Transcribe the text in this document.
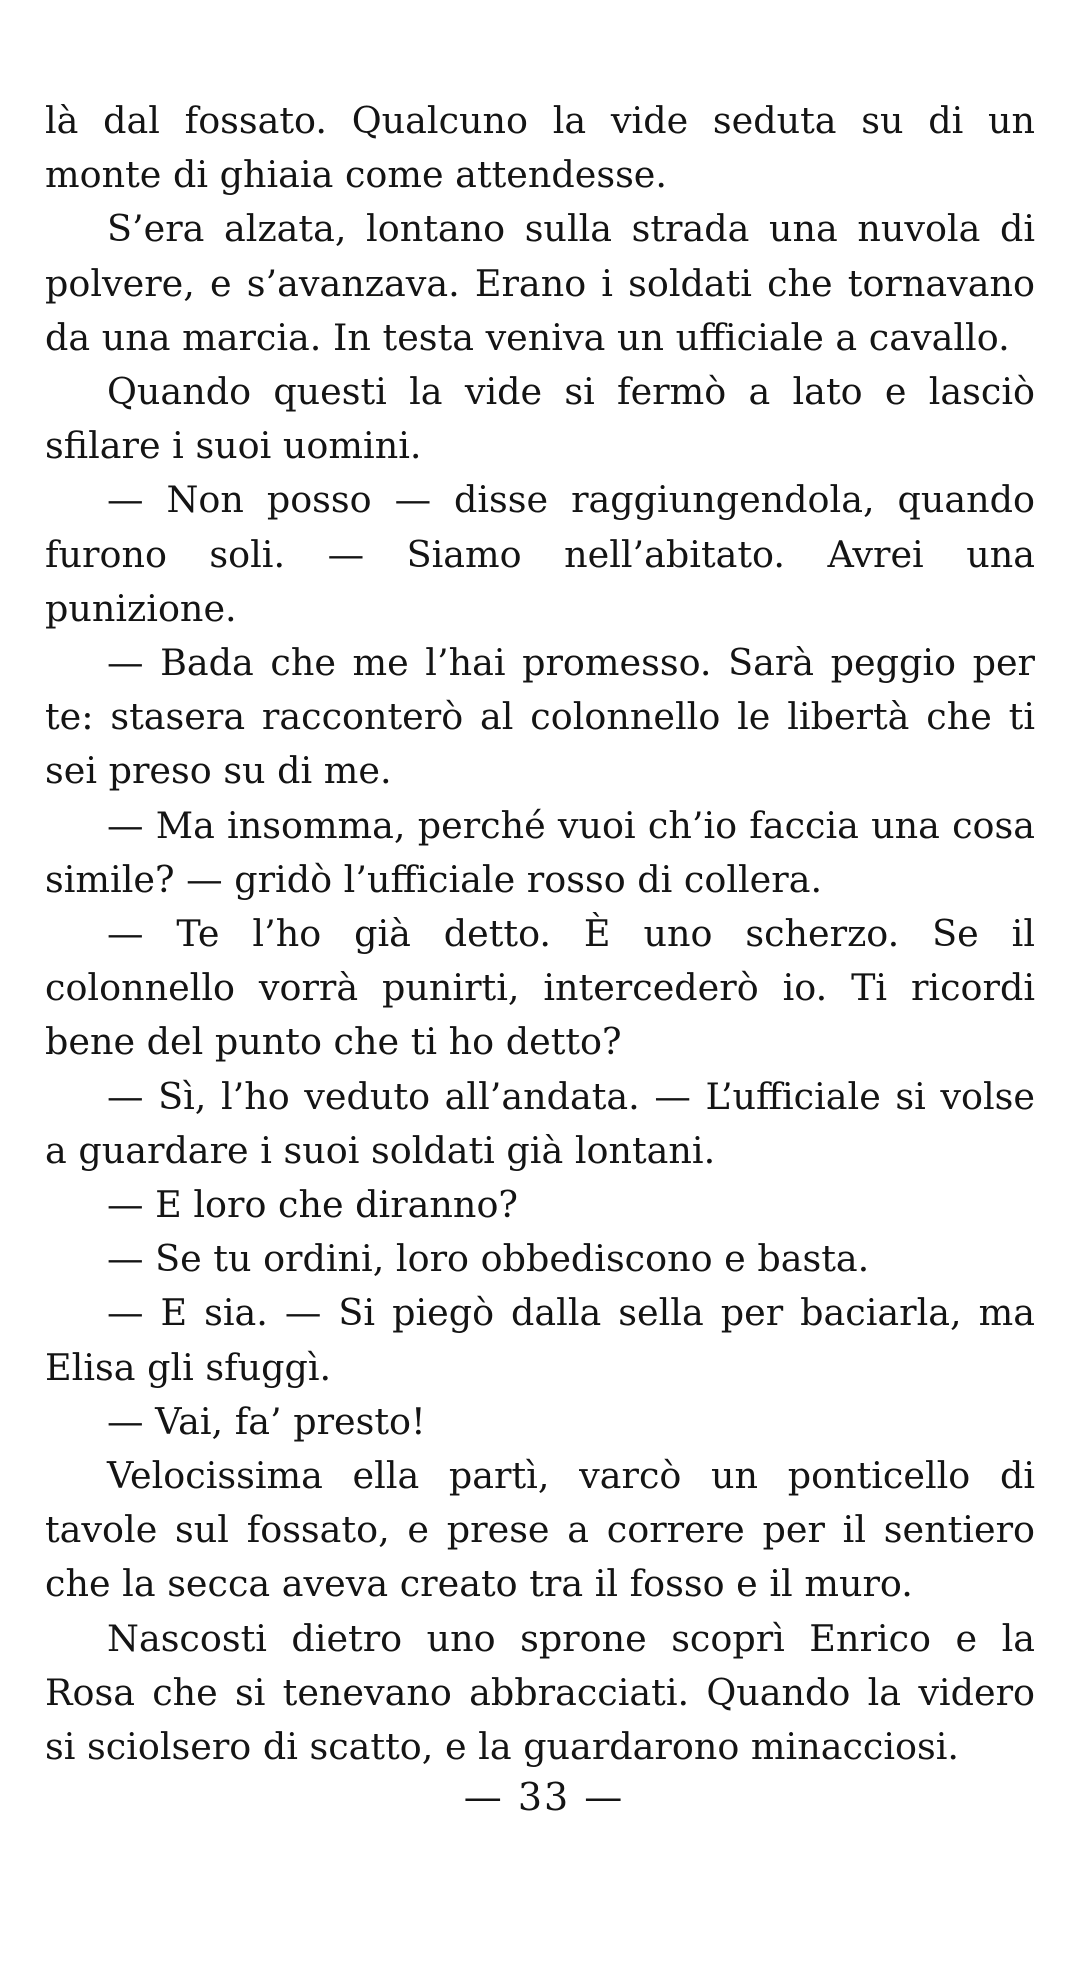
là dal fossato. Qualcuno la vide seduta su di un monte di ghiaia come attendesse.

S’era alzata, lontano sulla strada una nuvola di polvere, e s’avanzava. Erano i soldati che tornavano da una marcia. In testa veniva un ufficiale a cavallo.

Quando questi la vide si fermò a lato e lasciò sfilare i suoi uomini.

— Non posso — disse raggiungendola, quando furono soli. — Siamo nell’abitato. Avrei una punizione.

— Bada che me l’hai promesso. Sarà peggio per te: stasera racconterò al colonnello le libertà che ti sei preso su di me.

— Ma insomma, perché vuoi ch’io faccia una cosa simile? — gridò l’ufficiale rosso di collera.

— Te l’ho già detto. È uno scherzo. Se il colonnello vorrà punirti, intercederò io. Ti ricordi bene del punto che ti ho detto?

— Sì, l’ho veduto all’andata. — L’ufficiale si volse a guardare i suoi soldati già lontani.

— E loro che diranno?

— Se tu ordini, loro obbediscono e basta.

— E sia. — Si piegò dalla sella per baciarla, ma Elisa gli sfuggì.

— Vai, fa’ presto!

Velocissima ella partì, varcò un ponticello di tavole sul fossato, e prese a correre per il sentiero che la secca aveva creato tra il fosso e il muro.

Nascosti dietro uno sprone scoprì Enrico e la Rosa che si tenevano abbracciati. Quando la videro si sciolsero di scatto, e la guardarono minacciosi.

— 33 —
